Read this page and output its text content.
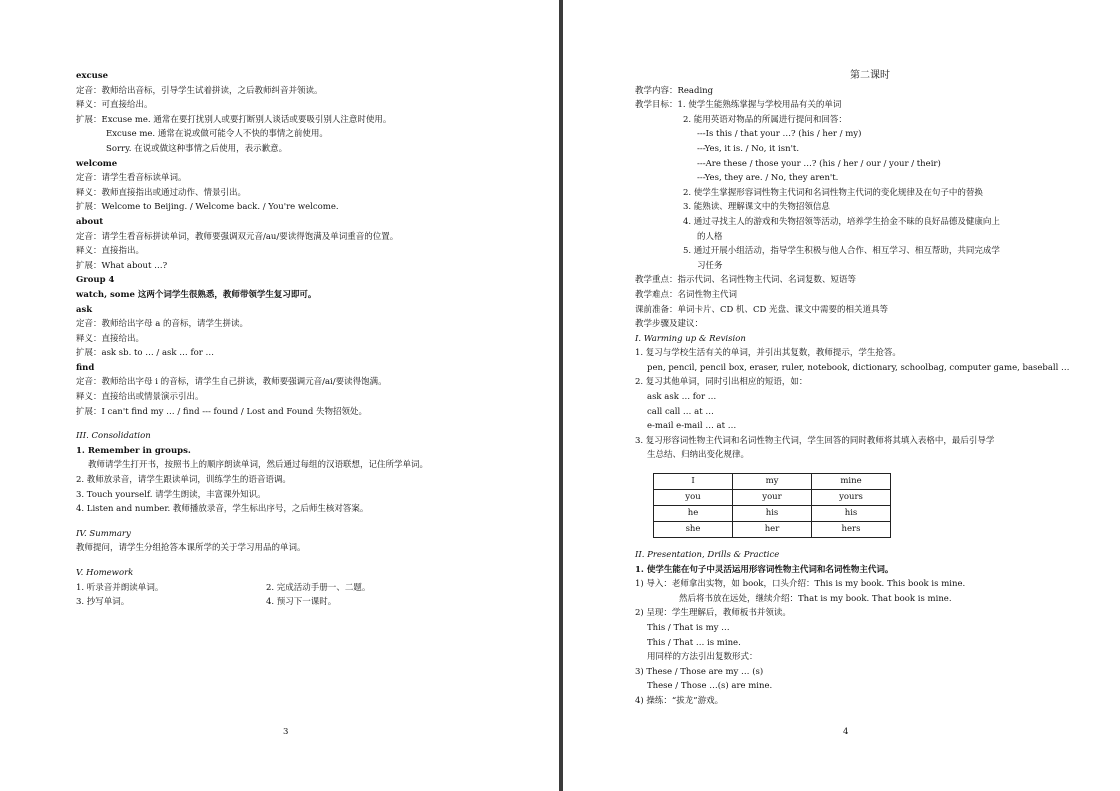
excuse
定音：教师给出音标，引导学生试着拼读，之后教师纠音并领读。
释义：可直接给出。
扩展：Excuse me. 通常在要打扰别人或要打断别人谈话或要吸引别人注意时使用。
Excuse me. 通常在说或做可能令人不快的事情之前使用。
Sorry. 在说或做这种事情之后使用，表示歉意。
welcome
定音：请学生看音标读单词。
释义：教师直接指出或通过动作、情景引出。
扩展：Welcome to Beijing. / Welcome back. / You're welcome.
about
定音：请学生看音标拼读单词，教师要强调双元音/au/要读得饱满及单词重音的位置。
释义：直接指出。
扩展：What about …?
Group 4
watch, some 这两个词学生很熟悉，教师带领学生复习即可。
ask
定音：教师给出字母 a 的音标，请学生拼读。
释义：直接给出。
扩展：ask sb. to … / ask … for …
find
定音：教师给出字母 i 的音标，请学生自己拼读，教师要强调元音/ai/要读得饱满。
释义：直接给出或情景演示引出。
扩展：I can't find my … / find --- found / Lost and Found 失物招领处。
III. Consolidation
1. Remember in groups.
教师请学生打开书，按照书上的顺序朗读单词，然后通过每组的汉语联想，记住所学单词。
2. 教师放录音，请学生跟读单词，训练学生的语音语调。
3. Touch yourself. 请学生朗读，丰富课外知识。
4. Listen and number. 教师播放录音，学生标出序号，之后师生核对答案。
IV. Summary
教师提问，请学生分组抢答本课所学的关于学习用品的单词。
V. Homework
1. 听录音并朗读单词。	2. 完成活动手册一、二题。
3. 抄写单词。	4. 预习下一课时。
3
第二课时
教学内容：Reading
教学目标：1. 使学生能熟练掌握与学校用品有关的单词
2. 能用英语对物品的所属进行提问和回答：
---Is this / that your …? (his / her / my)
---Yes, it is. / No, it isn't.
---Are these / those your …? (his / her / our / your / their)
---Yes, they are. / No, they aren't.
2. 使学生掌握形容词性物主代词和名词性物主代词的变化规律及在句子中的替换
3. 能熟读、理解课文中的失物招领信息
4. 通过寻找主人的游戏和失物招领等活动，培养学生拾金不昧的良好品德及健康向上
的人格
5. 通过开展小组活动，指导学生积极与他人合作、相互学习、相互帮助，共同完成学
习任务
教学重点：指示代词、名词性物主代词、名词复数、短语等
教学难点：名词性物主代词
课前准备：单词卡片、CD 机、CD 光盘、课文中需要的相关道具等
教学步骤及建议：
I. Warming up & Revision
1. 复习与学校生活有关的单词，并引出其复数，教师提示，学生抢答。
pen, pencil, pencil box, eraser, ruler, notebook, dictionary, schoolbag, computer game, baseball …
2. 复习其他单词，同时引出相应的短语，如：
ask ask … for …
call call … at …
e-mail e-mail … at …
3. 复习形容词性物主代词和名词性物主代词，学生回答的同时教师将其填入表格中，最后引导学
生总结、归纳出变化规律。
I	my	mine
you	your	yours
he	his	his
she	her	hers
II. Presentation, Drills & Practice
1. 使学生能在句子中灵活运用形容词性物主代词和名词性物主代词。
1) 导入：老师拿出实物，如 book，口头介绍：This is my book. This book is mine.
然后将书放在远处，继续介绍：That is my book. That book is mine.
2) 呈现：学生理解后，教师板书并领读。
This / That is my …
This / That … is mine.
用同样的方法引出复数形式：
3) These / Those are my … (s)
These / Those …(s) are mine.
4) 操练：“拔龙”游戏。
4
